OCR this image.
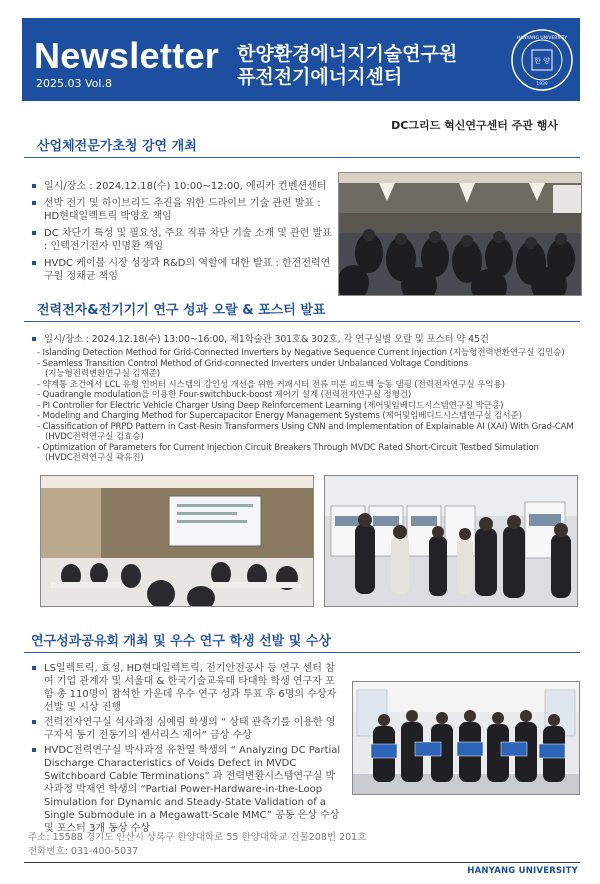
Newsletter
2025.03 Vol.8
한양환경에너지기술연구원
퓨전전기에너지센터
한 양
HANYANG UNIVERSITY
1939
DC그리드 혁신연구센터 주관 행사
산업체전문가초청 강연 개최
일시/장소 : 2024.12.18(수) 10:00~12:00, 에리카 컨벤션센터
선박 전기 및 하이브리드 추진을 위한 드라이브 기술 관련 발표 : HD현대일렉트릭 박영호 책임
DC 차단기 특성 및 필요성, 주요 직류 차단 기술 소개 및 관련 발표 : 인텍전기전자 민명환 책임
HVDC 케이블 시장 성장과 R&D의 역할에 대한 발표 : 한전전력연구원 정채균 책임
전력전자&전기기기 연구 성과 오랄 & 포스터 발표
일시/장소 : 2024.12.18(수) 13:00~16:00, 제1학술관 301호& 302호, 각 연구실별 오랄 및 포스터 약 45건
- Islanding Detection Method for Grid-Connected Inverters by Negative Sequence Current Injection (지능형전력변환연구실 김민승)
- Seamless Transition Control Method of Grid-connected Inverters under Unbalanced Voltage Conditions
(지능형전력변환연구실 김재준)
- 약계통 조건에서 LCL 유형 인버터 시스템의 강인성 개선을 위한 커패시터 전류 미분 피드백 능동 댐핑 (전력전자연구실 우익용)
- Quadrangle modulation을 이용한 Four-switchbuck-boost 제어기 설계 (전력전자연구실 정형건)
- PI Controller for Electric Vehicle Charger Using Deep Reinforcement Learning (제어및임베디드시스템연구실 박근홍)
- Modeling and Charging Method for Supercapacitor Energy Management Systems (제어및임베디드시스템연구실 김서준)
- Classification of PRPD Pattern in Cast-Resin Transformers Using CNN and Implementation of Explainable AI (XAI) With Grad-CAM
(HVDC전력연구실 김효승)
- Optimization of Parameters for Current Injection Circuit Breakers Through MVDC Rated Short-Circuit Testbed Simulation
(HVDC전력연구실 곽유진)
연구성과공유회 개최 및 우수 연구 학생 선발 및 수상
LS일렉트릭, 효성, HD현대일렉트릭, 전기안전공사 등 연구 센터 참여 기업 관계자 및 서울대 & 한국기술교육대 타대학 학생 연구자 포함 총 110명이 참석한 가운데 우수 연구 성과 투표 후 6명의 수상자 선발 및 시상 진행
전력전자연구실 석사과정 심예림 학생의 “ 상태 관측기를 이용한 영구자석 동기 전동기의 센서리스 제어” 금상 수상
HVDC전력연구실 박사과정 유찬열 학생의 “ Analyzing DC Partial Discharge Characteristics of Voids Defect in MVDC Switchboard Cable Terminations” 과 전력변환시스템연구실 박사과정 박재연 학생의 “Partial Power-Hardware-in-the-Loop Simulation for Dynamic and Steady-State Validation of a Single Submodule in a Megawatt-Scale MMC” 공동 은상 수상 및 포스터 3개 동상 수상
주소: 15588 경기도 안산시 상록구 한양대학로 55 한양대학교 건물208번 201호
전화번호: 031-400-5037
HANYANG UNIVERSITY
